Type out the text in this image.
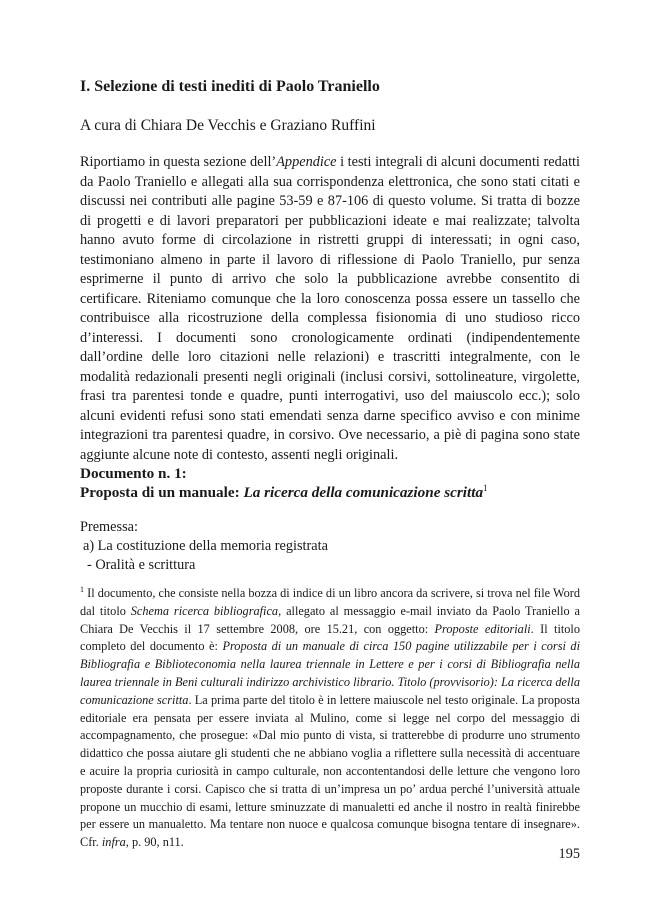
I. Selezione di testi inediti di Paolo Traniello

A cura di Chiara De Vecchis e Graziano Ruffini

Riportiamo in questa sezione dell’Appendice i testi integrali di alcuni documenti redatti da Paolo Traniello e allegati alla sua corrispondenza elettronica, che sono stati citati e discussi nei contributi alle pagine 53-59 e 87-106 di questo volume. Si tratta di bozze di progetti e di lavori preparatori per pubblicazioni ideate e mai realizzate; talvolta hanno avuto forme di circolazione in ristretti gruppi di interessati; in ogni caso, testimoniano almeno in parte il lavoro di riflessione di Paolo Traniello, pur senza esprimerne il punto di arrivo che solo la pubblicazione avrebbe consentito di certificare. Riteniamo comunque che la loro conoscenza possa essere un tassello che contribuisce alla ricostruzione della complessa fisionomia di uno studioso ricco d’interessi. I documenti sono cronologicamente ordinati (indipendentemente dall’ordine delle loro citazioni nelle relazioni) e trascritti integralmente, con le modalità redazionali presenti negli originali (inclusi corsivi, sottolineature, virgolette, frasi tra parentesi tonde e quadre, punti interrogativi, uso del maiuscolo ecc.); solo alcuni evidenti refusi sono stati emendati senza darne specifico avviso e con minime integrazioni tra parentesi quadre, in corsivo. Ove necessario, a piè di pagina sono state aggiunte alcune note di contesto, assenti negli originali.

Documento n. 1:
Proposta di un manuale: La ricerca della comunicazione scritta$^1$
Premessa:
a) La costituzione della memoria registrata
- Oralità e scrittura

$^1$ Il documento, che consiste nella bozza di indice di un libro ancora da scrivere, si trova nel file Word dal titolo Schema ricerca bibliografica, allegato al messaggio e-mail inviato da Paolo Traniello a Chiara De Vecchis il 17 settembre 2008, ore 15.21, con oggetto: Proposte editoriali. Il titolo completo del documento è: Proposta di un manuale di circa 150 pagine utilizzabile per i corsi di Bibliografia e Biblioteconomia nella laurea triennale in Lettere e per i corsi di Bibliografia nella laurea triennale in Beni culturali indirizzo archivistico librario. Titolo (provvisorio): La ricerca della comunicazione scritta. La prima parte del titolo è in lettere maiuscole nel testo originale. La proposta editoriale era pensata per essere inviata al Mulino, come si legge nel corpo del messaggio di accompagnamento, che prosegue: «Dal mio punto di vista, si tratterebbe di produrre uno strumento didattico che possa aiutare gli studenti che ne abbiano voglia a riflettere sulla necessità di accentuare e acuire la propria curiosità in campo culturale, non accontentandosi delle letture che vengono loro proposte durante i corsi. Capisco che si tratta di un’impresa un po’ ardua perché l’università attuale propone un mucchio di esami, letture sminuzzate di manualetti ed anche il nostro in realtà finirebbe per essere un manualetto. Ma tentare non nuoce e qualcosa comunque bisogna tentare di insegnare». Cfr. infra, p. 90, n11.

195
